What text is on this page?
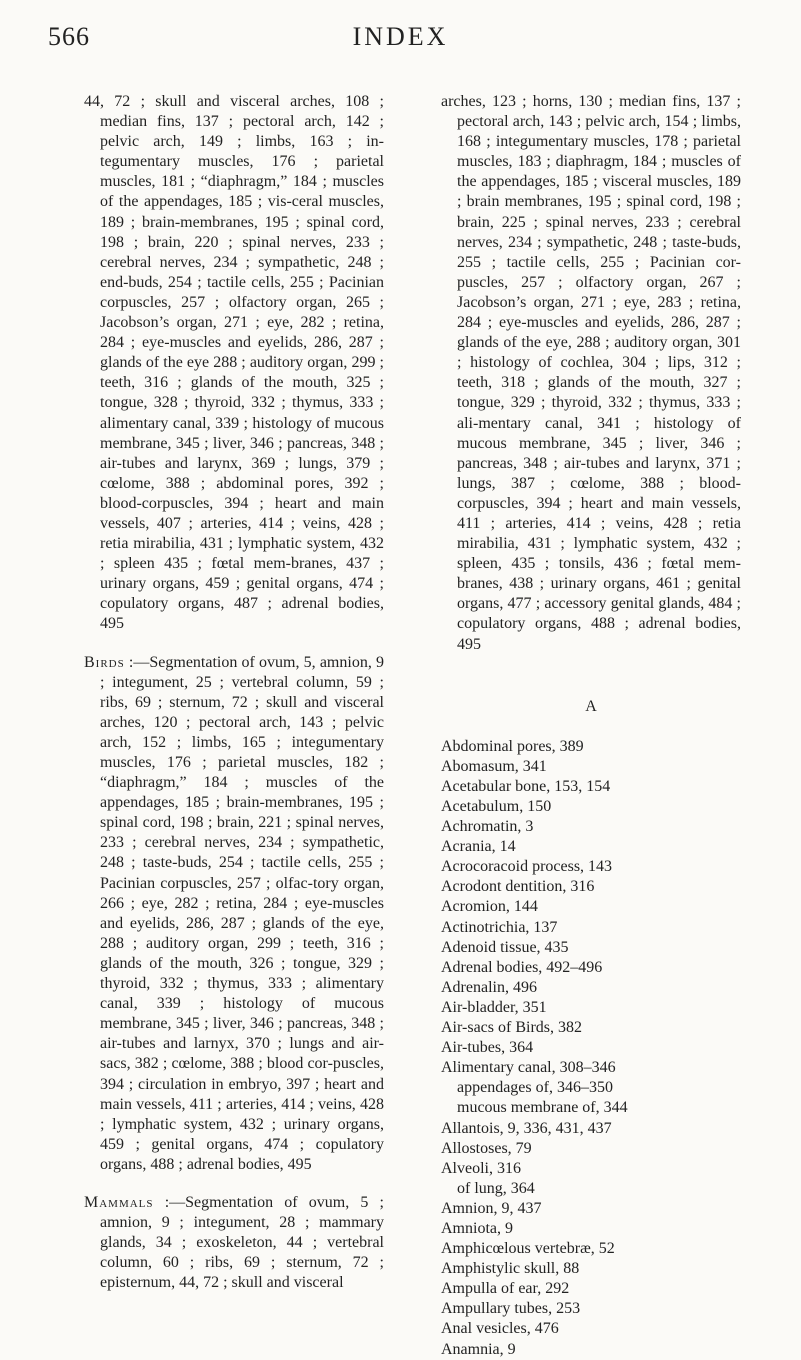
566	INDEX

44, 72 ; skull and visceral arches, 108 ; median fins, 137 ; pectoral arch, 142 ; pelvic arch, 149 ; limbs, 163 ; in-tegumentary muscles, 176 ; parietal muscles, 181 ; “diaphragm,” 184 ; muscles of the appendages, 185 ; vis-ceral muscles, 189 ; brain-membranes, 195 ; spinal cord, 198 ; brain, 220 ; spinal nerves, 233 ; cerebral nerves, 234 ; sympathetic, 248 ; end-buds, 254 ; tactile cells, 255 ; Pacinian corpuscles, 257 ; olfactory organ, 265 ; Jacobson’s organ, 271 ; eye, 282 ; retina, 284 ; eye-muscles and eyelids, 286, 287 ; glands of the eye 288 ; auditory organ, 299 ; teeth, 316 ; glands of the mouth, 325 ; tongue, 328 ; thyroid, 332 ; thymus, 333 ; alimentary canal, 339 ; histology of mucous membrane, 345 ; liver, 346 ; pancreas, 348 ; air-tubes and larynx, 369 ; lungs, 379 ; cœlome, 388 ; abdominal pores, 392 ; blood-corpuscles, 394 ; heart and main vessels, 407 ; arteries, 414 ; veins, 428 ; retia mirabilia, 431 ; lymphatic system, 432 ; spleen 435 ; fœtal mem-branes, 437 ; urinary organs, 459 ; genital organs, 474 ; copulatory organs, 487 ; adrenal bodies, 495

Birds :—Segmentation of ovum, 5, amnion, 9 ; integument, 25 ; vertebral column, 59 ; ribs, 69 ; sternum, 72 ; skull and visceral arches, 120 ; pectoral arch, 143 ; pelvic arch, 152 ; limbs, 165 ; integumentary muscles, 176 ; parietal muscles, 182 ; “diaphragm,” 184 ; muscles of the appendages, 185 ; brain-membranes, 195 ; spinal cord, 198 ; brain, 221 ; spinal nerves, 233 ; cerebral nerves, 234 ; sympathetic, 248 ; taste-buds, 254 ; tactile cells, 255 ; Pacinian corpuscles, 257 ; olfac-tory organ, 266 ; eye, 282 ; retina, 284 ; eye-muscles and eyelids, 286, 287 ; glands of the eye, 288 ; auditory organ, 299 ; teeth, 316 ; glands of the mouth, 326 ; tongue, 329 ; thyroid, 332 ; thymus, 333 ; alimentary canal, 339 ; histology of mucous membrane, 345 ; liver, 346 ; pancreas, 348 ; air-tubes and larnyx, 370 ; lungs and air-sacs, 382 ; cœlome, 388 ; blood cor-puscles, 394 ; circulation in embryo, 397 ; heart and main vessels, 411 ; arteries, 414 ; veins, 428 ; lymphatic system, 432 ; urinary organs, 459 ; genital organs, 474 ; copulatory organs, 488 ; adrenal bodies, 495

Mammals :—Segmentation of ovum, 5 ; amnion, 9 ; integument, 28 ; mammary glands, 34 ; exoskeleton, 44 ; vertebral column, 60 ; ribs, 69 ; sternum, 72 ; episternum, 44, 72 ; skull and visceral

arches, 123 ; horns, 130 ; median fins, 137 ; pectoral arch, 143 ; pelvic arch, 154 ; limbs, 168 ; integumentary muscles, 178 ; parietal muscles, 183 ; diaphragm, 184 ; muscles of the appendages, 185 ; visceral muscles, 189 ; brain membranes, 195 ; spinal cord, 198 ; brain, 225 ; spinal nerves, 233 ; cerebral nerves, 234 ; sympathetic, 248 ; taste-buds, 255 ; tactile cells, 255 ; Pacinian cor-puscles, 257 ; olfactory organ, 267 ; Jacobson’s organ, 271 ; eye, 283 ; retina, 284 ; eye-muscles and eyelids, 286, 287 ; glands of the eye, 288 ; auditory organ, 301 ; histology of cochlea, 304 ; lips, 312 ; teeth, 318 ; glands of the mouth, 327 ; tongue, 329 ; thyroid, 332 ; thymus, 333 ; ali-mentary canal, 341 ; histology of mucous membrane, 345 ; liver, 346 ; pancreas, 348 ; air-tubes and larynx, 371 ; lungs, 387 ; cœlome, 388 ; blood-corpuscles, 394 ; heart and main vessels, 411 ; arteries, 414 ; veins, 428 ; retia mirabilia, 431 ; lymphatic system, 432 ; spleen, 435 ; tonsils, 436 ; fœtal mem-branes, 438 ; urinary organs, 461 ; genital organs, 477 ; accessory genital glands, 484 ; copulatory organs, 488 ; adrenal bodies, 495

A
Abdominal pores, 389
Abomasum, 341
Acetabular bone, 153, 154
Acetabulum, 150
Achromatin, 3
Acrania, 14
Acrocoracoid process, 143
Acrodont dentition, 316
Acromion, 144
Actinotrichia, 137
Adenoid tissue, 435
Adrenal bodies, 492–496
Adrenalin, 496
Air-bladder, 351
Air-sacs of Birds, 382
Air-tubes, 364
Alimentary canal, 308–346
appendages of, 346–350
mucous membrane of, 344
Allantois, 9, 336, 431, 437
Allostoses, 79
Alveoli, 316
of lung, 364
Amnion, 9, 437
Amniota, 9
Amphicœlous vertebræ, 52
Amphistylic skull, 88
Ampulla of ear, 292
Ampullary tubes, 253
Anal vesicles, 476
Anamnia, 9
